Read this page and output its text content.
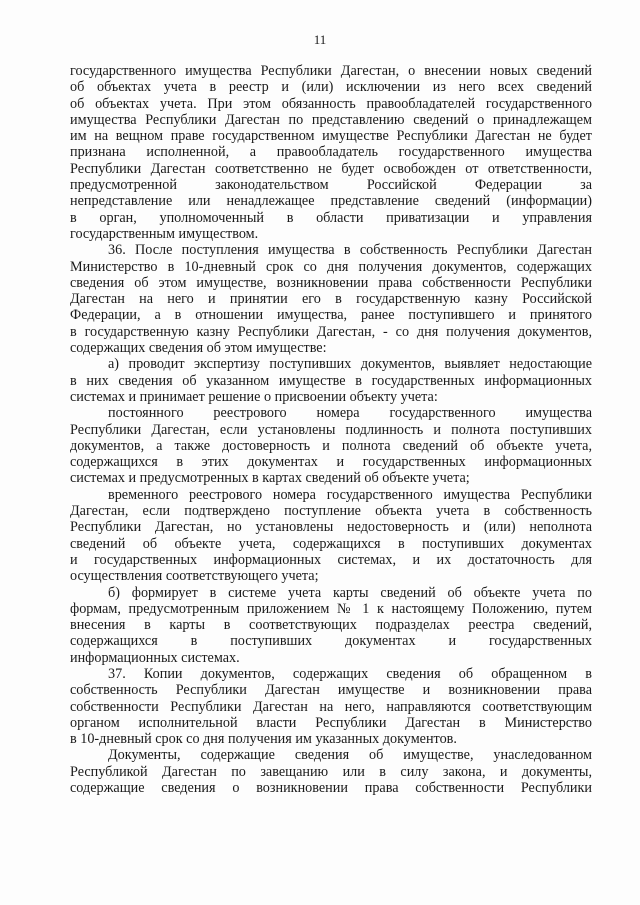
11
государственного имущества Республики Дагестан, о внесении новых сведений
об объектах учета в реестр и (или) исключении из него всех сведений
об объектах учета. При этом обязанность правообладателей государственного
имущества Республики Дагестан по представлению сведений о принадлежащем
им на вещном праве государственном имуществе Республики Дагестан не будет
признана исполненной, а правообладатель государственного имущества
Республики Дагестан соответственно не будет освобожден от ответственности,
предусмотренной законодательством Российской Федерации за
непредставление или ненадлежащее представление сведений (информации)
в орган, уполномоченный в области приватизации и управления
государственным имуществом.
36. После поступления имущества в собственность Республики Дагестан
Министерство в 10-дневный срок со дня получения документов, содержащих
сведения об этом имуществе, возникновении права собственности Республики
Дагестан на него и принятии его в государственную казну Российской
Федерации, а в отношении имущества, ранее поступившего и принятого
в государственную казну Республики Дагестан, - со дня получения документов,
содержащих сведения об этом имуществе:
а) проводит экспертизу поступивших документов, выявляет недостающие
в них сведения об указанном имуществе в государственных информационных
системах и принимает решение о присвоении объекту учета:
постоянного реестрового номера государственного имущества
Республики Дагестан, если установлены подлинность и полнота поступивших
документов, а также достоверность и полнота сведений об объекте учета,
содержащихся в этих документах и государственных информационных
системах и предусмотренных в картах сведений об объекте учета;
временного реестрового номера государственного имущества Республики
Дагестан, если подтверждено поступление объекта учета в собственность
Республики Дагестан, но установлены недостоверность и (или) неполнота
сведений об объекте учета, содержащихся в поступивших документах
и государственных информационных системах, и их достаточность для
осуществления соответствующего учета;
б) формирует в системе учета карты сведений об объекте учета по
формам, предусмотренным приложением № 1 к настоящему Положению, путем
внесения в карты в соответствующих подразделах реестра сведений,
содержащихся в поступивших документах и государственных
информационных системах.
37. Копии документов, содержащих сведения об обращенном в
собственность Республики Дагестан имуществе и возникновении права
собственности Республики Дагестан на него, направляются соответствующим
органом исполнительной власти Республики Дагестан в Министерство
в 10-дневный срок со дня получения им указанных документов.
Документы, содержащие сведения об имуществе, унаследованном
Республикой Дагестан по завещанию или в силу закона, и документы,
содержащие сведения о возникновении права собственности Республики
